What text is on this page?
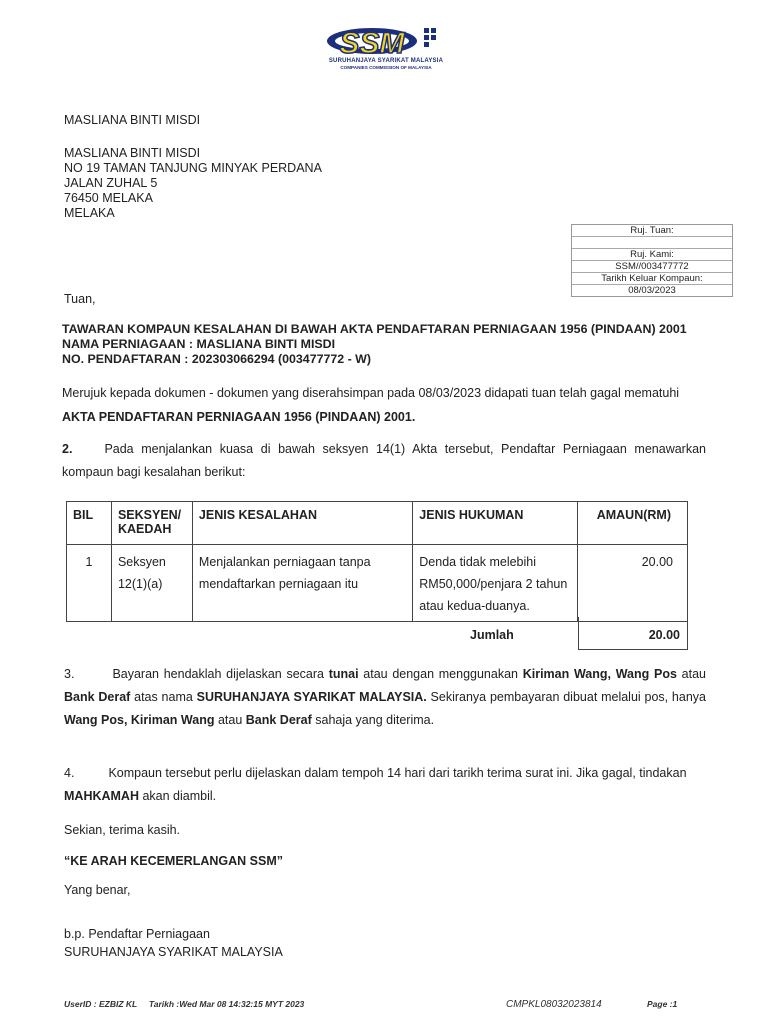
SSM
SURUHANJAYA SYARIKAT MALAYSIA
COMPANIES COMMISSION OF MALAYSIA
MASLIANA BINTI MISDI
MASLIANA BINTI MISDI
NO 19 TAMAN TANJUNG MINYAK PERDANA
JALAN ZUHAL 5
76450 MELAKA
MELAKA
Ruj. Tuan:
Ruj. Kami:
SSM//003477772
Tarikh Keluar Kompaun:
08/03/2023
Tuan,
TAWARAN KOMPAUN KESALAHAN DI BAWAH AKTA PENDAFTARAN PERNIAGAAN 1956 (PINDAAN) 2001
NAMA PERNIAGAAN : MASLIANA BINTI MISDI
NO. PENDAFTARAN : 202303066294 (003477772 - W)
Merujuk kepada dokumen - dokumen yang diserahsimpan pada 08/03/2023 didapati tuan telah gagal mematuhi
AKTA PENDAFTARAN PERNIAGAAN 1956 (PINDAAN) 2001.
2.	Pada menjalankan kuasa di bawah seksyen 14(1) Akta tersebut, Pendaftar Perniagaan menawarkan kompaun bagi kesalahan berikut:
BIL	SEKSYEN/ KAEDAH	JENIS KESALAHAN	JENIS HUKUMAN	AMAUN(RM)
1	Seksyen 12(1)(a)	Menjalankan perniagaan tanpa mendaftarkan perniagaan itu	Denda tidak melebihi RM50,000/penjara 2 tahun atau kedua-duanya.	20.00
Jumlah	20.00
3.	Bayaran hendaklah dijelaskan secara tunai atau dengan menggunakan Kiriman Wang, Wang Pos atau Bank Deraf atas nama SURUHANJAYA SYARIKAT MALAYSIA. Sekiranya pembayaran dibuat melalui pos, hanya Wang Pos, Kiriman Wang atau Bank Deraf sahaja yang diterima.
4.	Kompaun tersebut perlu dijelaskan dalam tempoh 14 hari dari tarikh terima surat ini. Jika gagal, tindakan MAHKAMAH akan diambil.
Sekian, terima kasih.
“KE ARAH KECEMERLANGAN SSM”
Yang benar,
b.p. Pendaftar Perniagaan
SURUHANJAYA SYARIKAT MALAYSIA
UserID : EZBIZ KL     Tarikh :Wed Mar 08 14:32:15 MYT 2023	CMPKL08032023814	Page :1
